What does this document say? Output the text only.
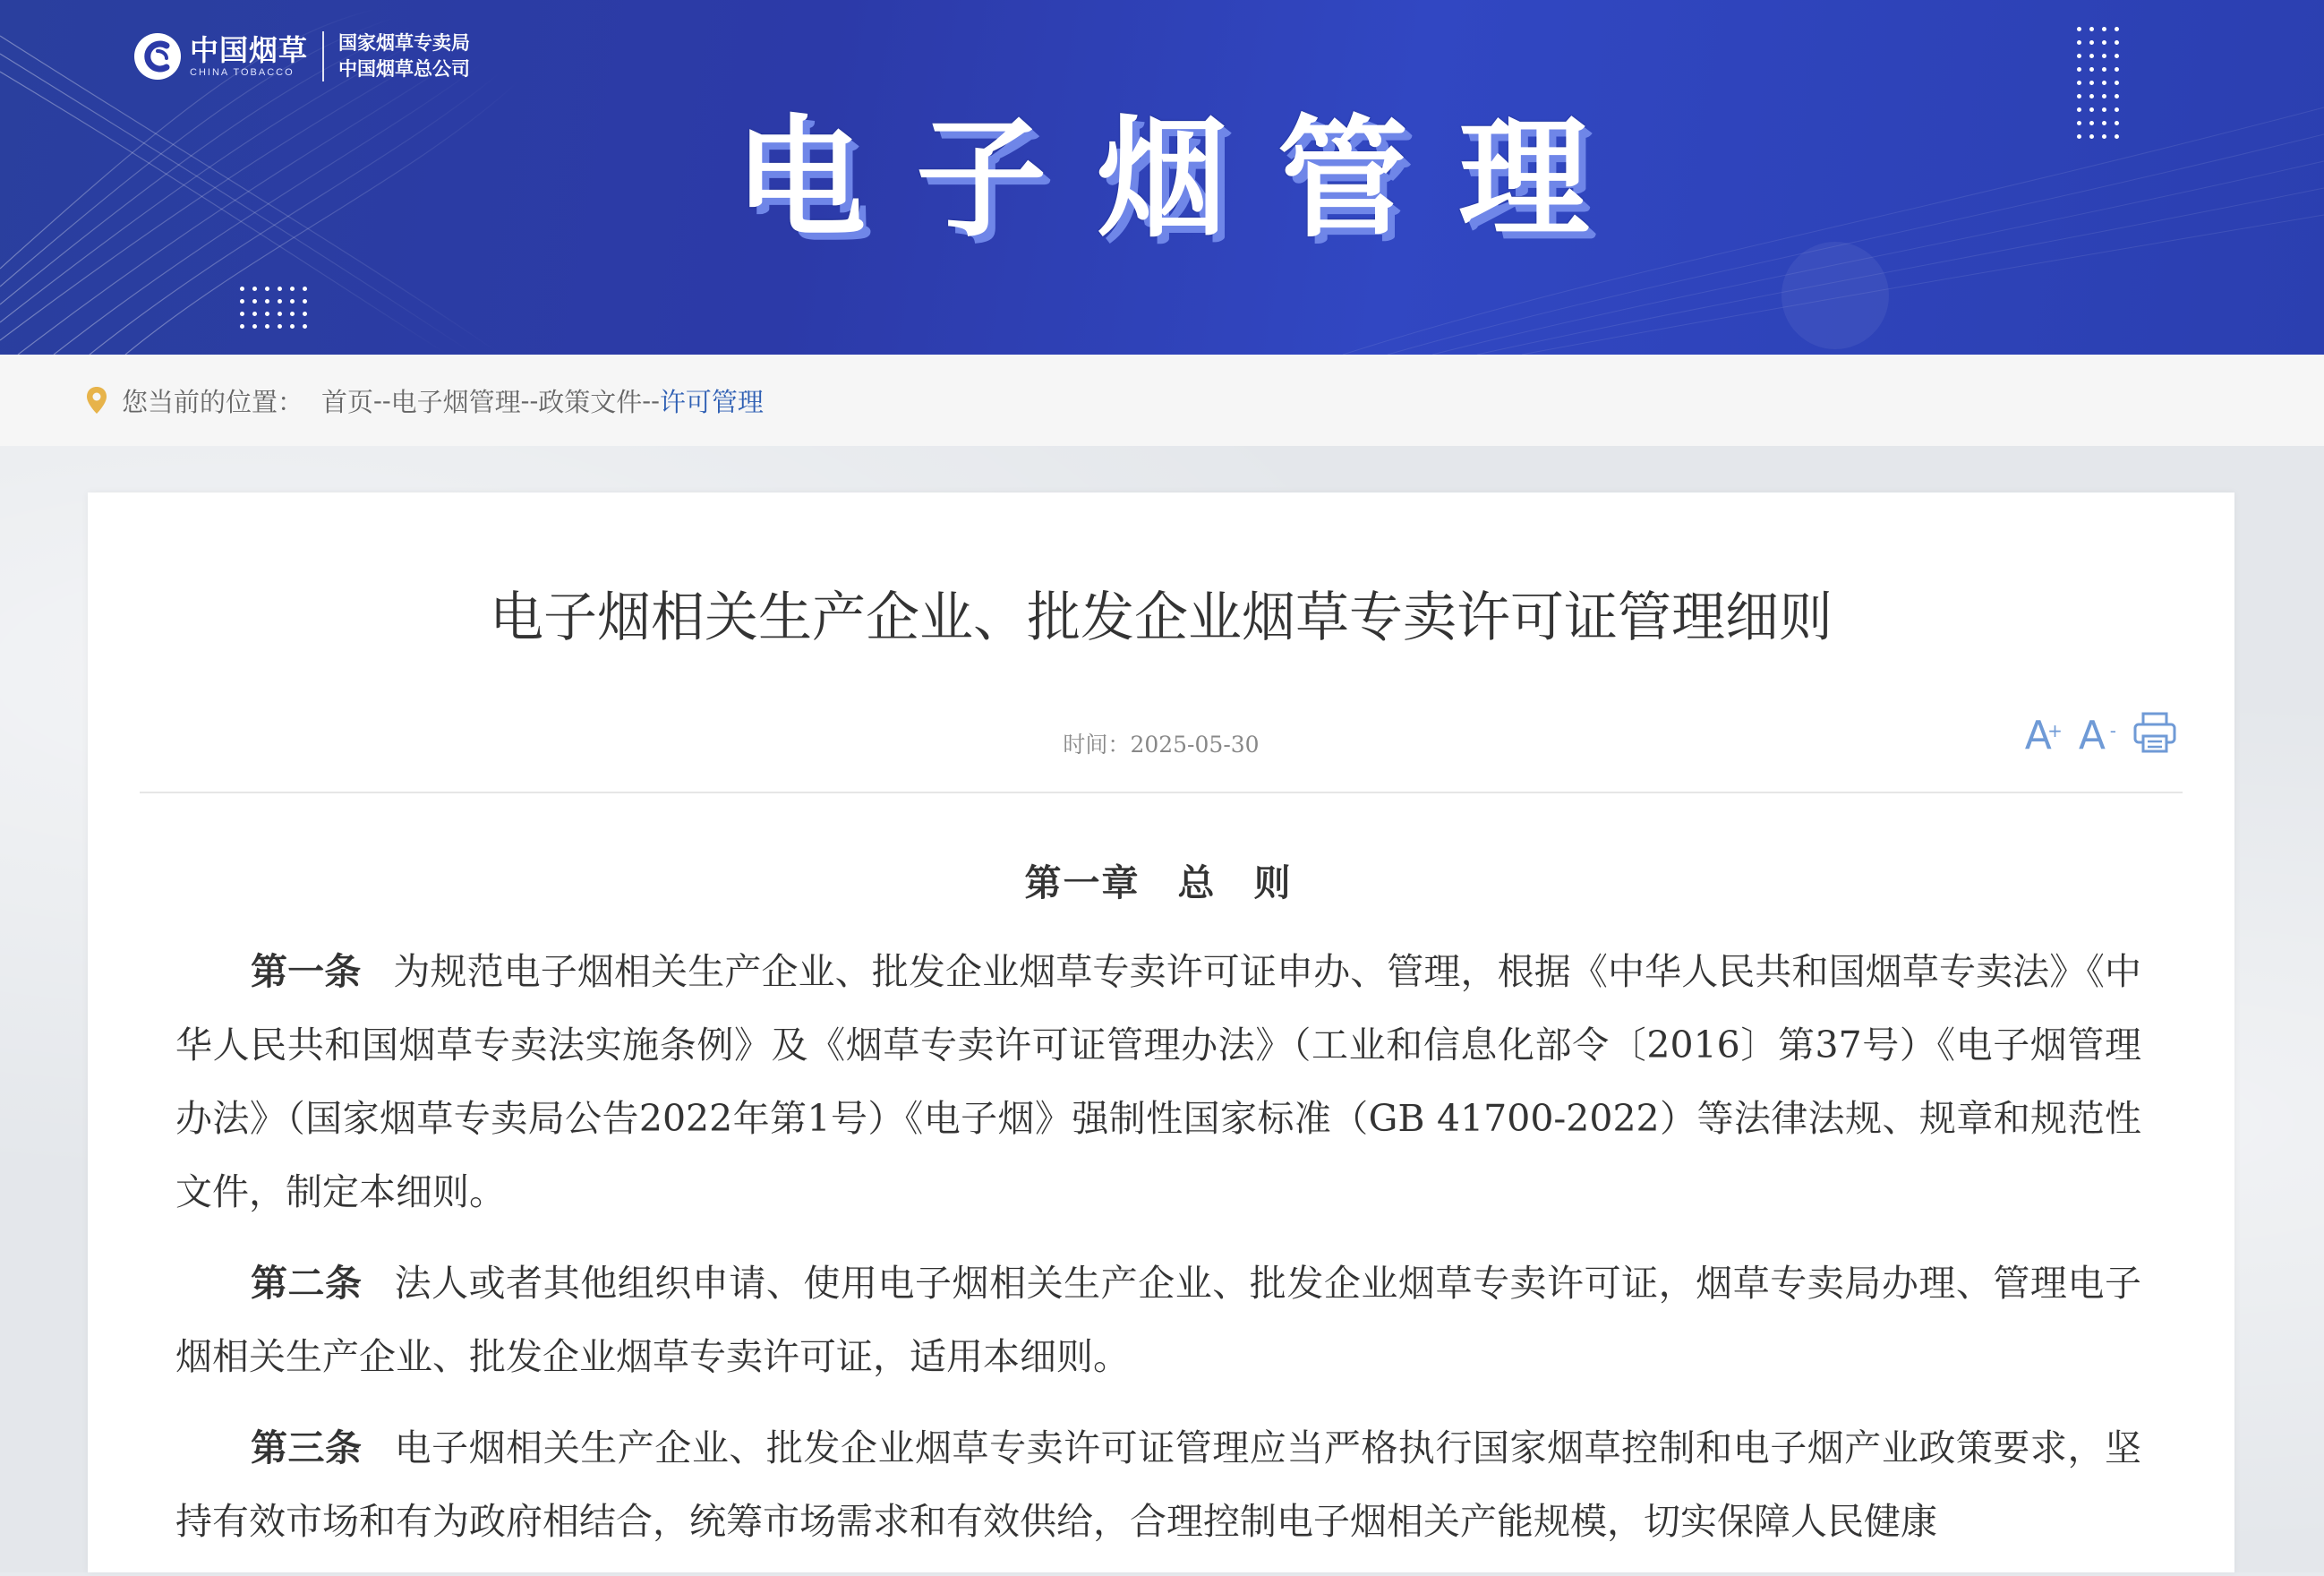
中国烟草
CHINA TOBACCO
国家烟草专卖局
中国烟草总公司
电子烟管理
您当前的位置： 首页 -- 电子烟管理 -- 政策文件 -- 许可管理
电子烟相关生产企业、批发企业烟草专卖许可证管理细则
时间：2025-05-30	A
+ A -
第一章 总 则

第一条 为规范电子烟相关生产企业、批发企业烟草专卖许可证申办、管理，根据《中华人民共和国烟草专卖法》《中华人民共和国烟草专卖法实施条例》及《烟草专卖许可证管理办法》（工业和信息化部令〔2016〕第37号）《电子烟管理办法》（国家烟草专卖局公告2022年第1号）《电子烟》强制性国家标准（GB 41700-2022）等法律法规、规章和规范性文件，制定本细则。

第二条 法人或者其他组织申请、使用电子烟相关生产企业、批发企业烟草专卖许可证，烟草专卖局办理、管理电子烟相关生产企业、批发企业烟草专卖许可证，适用本细则。

第三条 电子烟相关生产企业、批发企业烟草专卖许可证管理应当严格执行国家烟草控制和电子烟产业政策要求，坚持有效市场和有为政府相结合，统筹市场需求和有效供给，合理控制电子烟相关产能规模，切实保障人民健康
